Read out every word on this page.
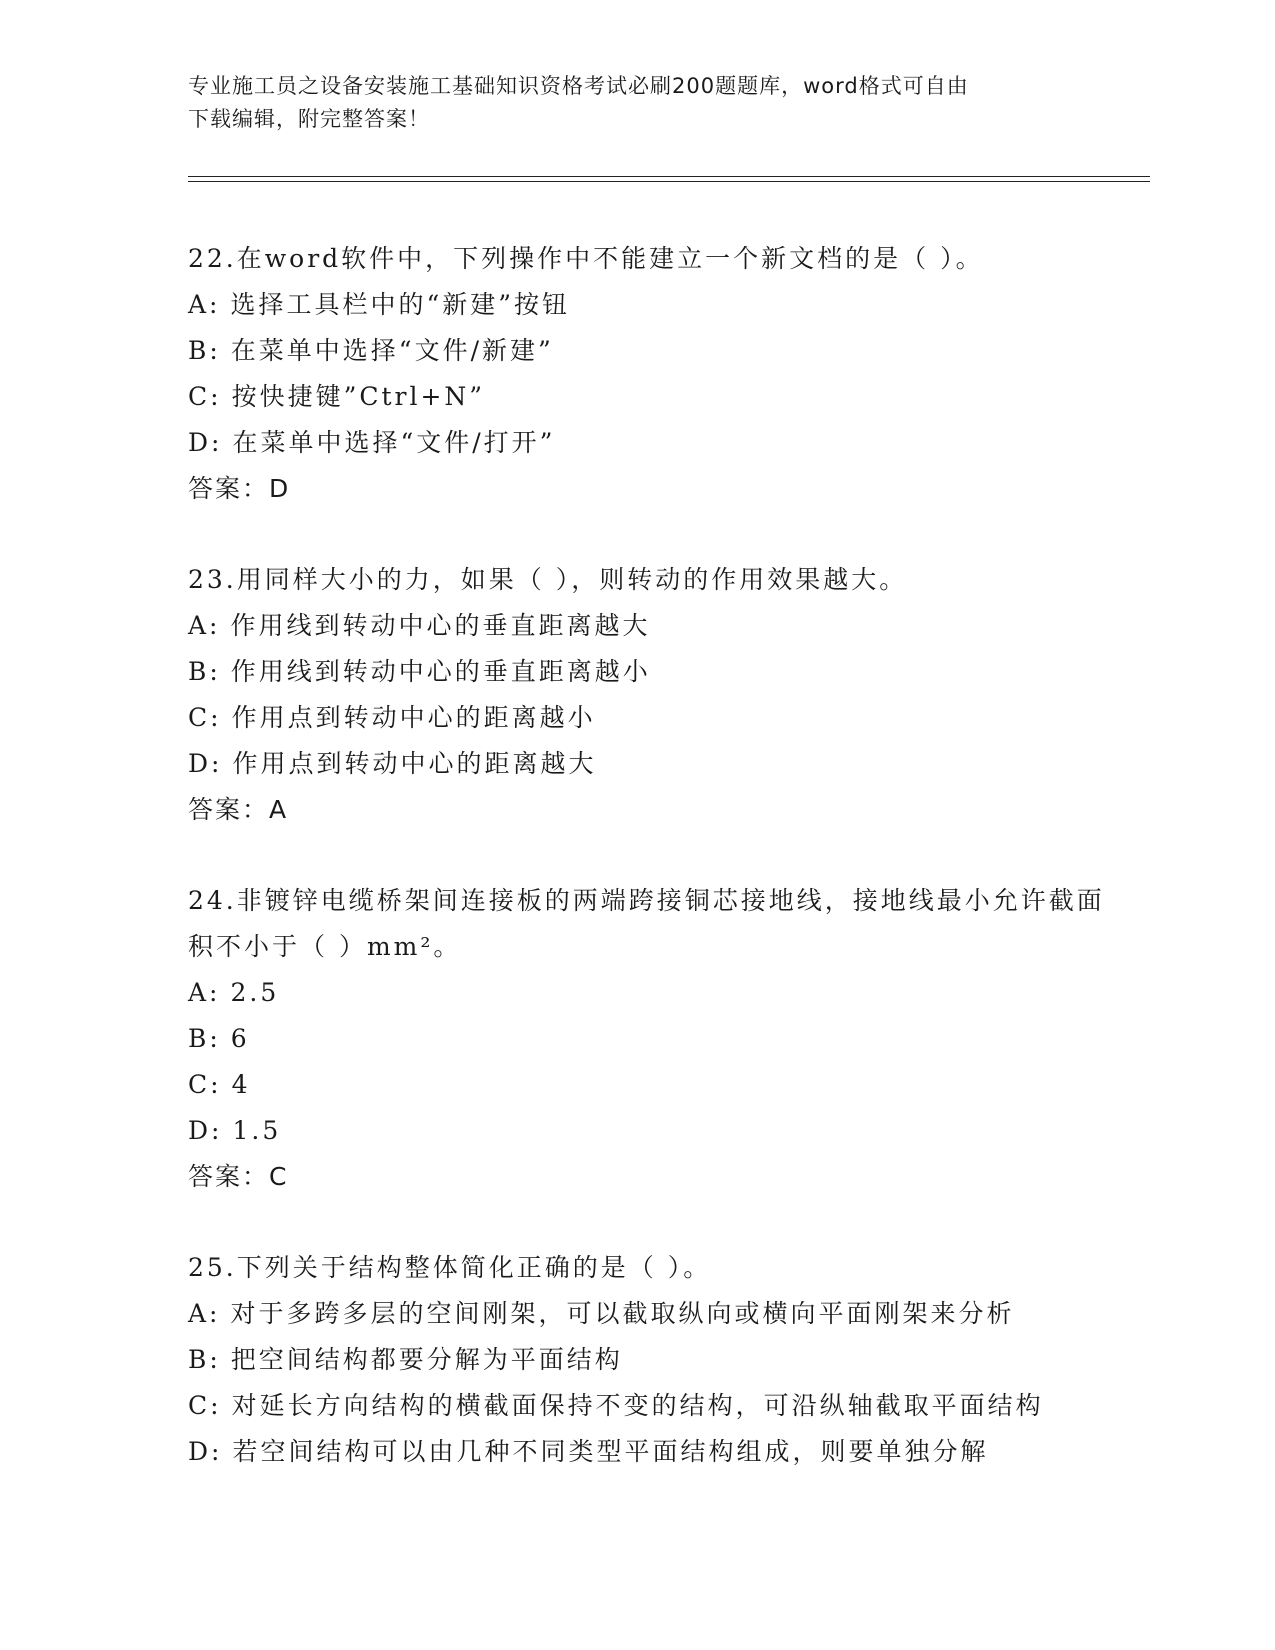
专业施工员之设备安装施工基础知识资格考试必刷200题题库，word格式可自由

下载编辑，附完整答案！

22.在word软件中，下列操作中不能建立一个新文档的是（ ）。

A: 选择工具栏中的“新建”按钮

B: 在菜单中选择“文件/新建”

C: 按快捷键”Ctrl+N”

D: 在菜单中选择“文件/打开”

答案：D

23.用同样大小的力，如果（ ），则转动的作用效果越大。

A: 作用线到转动中心的垂直距离越大

B: 作用线到转动中心的垂直距离越小

C: 作用点到转动中心的距离越小

D: 作用点到转动中心的距离越大

答案：A

24.非镀锌电缆桥架间连接板的两端跨接铜芯接地线，接地线最小允许截面积不小于（ ）mm²。

A: 2.5

B: 6

C: 4

D: 1.5

答案：C

25.下列关于结构整体简化正确的是（ ）。

A: 对于多跨多层的空间刚架，可以截取纵向或横向平面刚架来分析

B: 把空间结构都要分解为平面结构

C: 对延长方向结构的横截面保持不变的结构，可沿纵轴截取平面结构

D: 若空间结构可以由几种不同类型平面结构组成，则要单独分解
